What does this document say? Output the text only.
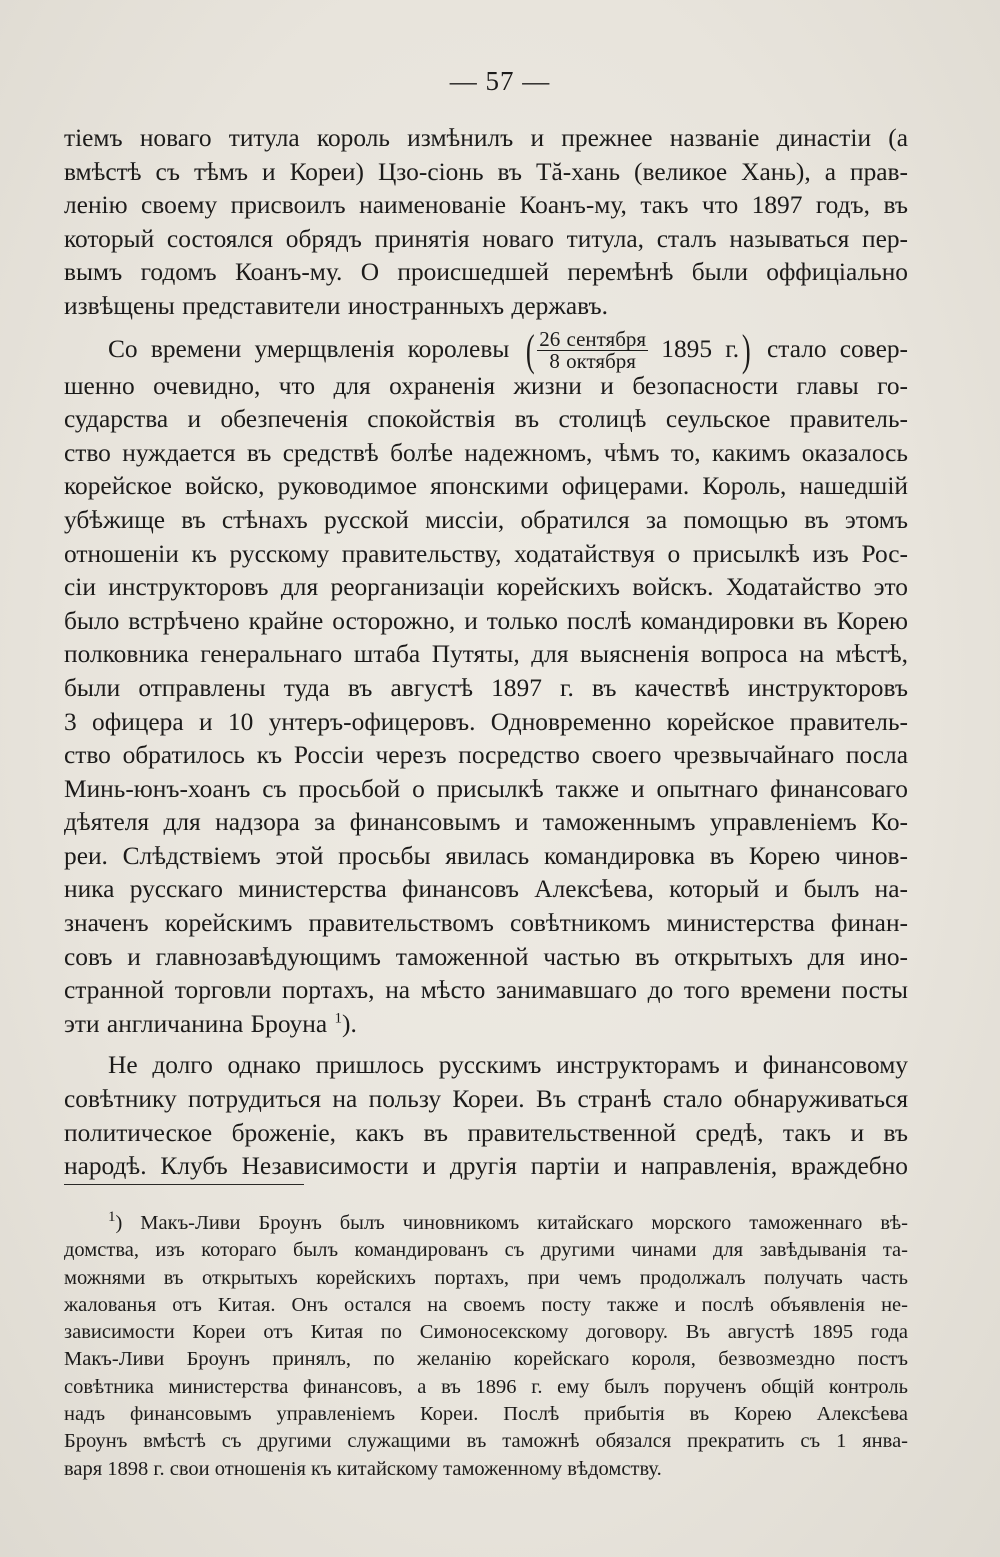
— 57 —
тіемъ новаго титула король измѣнилъ и прежнее названіе династіи (а
вмѣстѣ съ тѣмъ и Кореи) Цзо-сіонь въ Тă-хань (великое Хань), а прав-
ленію своему присвоилъ наименованіе Коанъ-му, такъ что 1897 годъ, въ
который состоялся обрядъ принятія новаго титула, сталъ называться пер-
вымъ годомъ Коанъ-му. О происшедшей перемѣнѣ были оффиціально
извѣщены представители иностранныхъ державъ.
Со времени умерщвленія королевы ( $\frac{\text{26 сентября}}{\text{8 октября}} 1895$ г.) стало совер-
шенно очевидно, что для охраненія жизни и безопасности главы го-
сударства и обезпеченія спокойствія въ столицѣ сеульское правитель-
ство нуждается въ средствѣ болѣе надежномъ, чѣмъ то, какимъ оказалось
корейское войско, руководимое японскими офицерами. Король, нашедшій
убѣжище въ стѣнахъ русской миссіи, обратился за помощью въ этомъ
отношеніи къ русскому правительству, ходатайствуя о присылкѣ изъ Рос-
сіи инструкторовъ для реорганизаціи корейскихъ войскъ. Ходатайство это
было встрѣчено крайне осторожно, и только послѣ командировки въ Корею
полковника генеральнаго штаба Путяты, для выясненія вопроса на мѣстѣ,
были отправлены туда въ августѣ 1897 г. въ качествѣ инструкторовъ
3 офицера и 10 унтеръ-офицеровъ. Одновременно корейское правитель-
ство обратилось къ Россіи черезъ посредство своего чрезвычайнаго посла
Минь-юнъ-хоанъ съ просьбой о присылкѣ также и опытнаго финансоваго
дѣятеля для надзора за финансовымъ и таможеннымъ управленіемъ Ко-
реи. Слѣдствіемъ этой просьбы явилась командировка въ Корею чинов-
ника русскаго министерства финансовъ Алексѣева, который и былъ на-
значенъ корейскимъ правительствомъ совѣтникомъ министерства финан-
совъ и главнозавѣдующимъ таможенной частью въ открытыхъ для ино-
странной торговли портахъ, на мѣсто занимавшаго до того времени посты
эти англичанина Броуна $^1$).
Не долго однако пришлось русскимъ инструкторамъ и финансовому
совѣтнику потрудиться на пользу Кореи. Въ странѣ стало обнаруживаться
политическое броженіе, какъ въ правительственной средѣ, такъ и въ
народѣ. Клубъ Независимости и другія партіи и направленія, враждебно
$^1$) Макъ-Ливи Броунъ былъ чиновникомъ китайскаго морского таможеннаго вѣ-
домства, изъ котораго былъ командированъ съ другими чинами для завѣдыванія та-
можнями въ открытыхъ корейскихъ портахъ, при чемъ продолжалъ получать часть
жалованья отъ Китая. Онъ остался на своемъ посту также и послѣ объявленія не-
зависимости Кореи отъ Китая по Симоносекскому договору. Въ августѣ 1895 года
Макъ-Ливи Броунъ принялъ, по желанію корейскаго короля, безвозмездно постъ
совѣтника министерства финансовъ, а въ 1896 г. ему былъ порученъ общій контроль
надъ финансовымъ управленіемъ Кореи. Послѣ прибытія въ Корею Алексѣева
Броунъ вмѣстѣ съ другими служащими въ таможнѣ обязался прекратить съ 1 янва-
варя 1898 г. свои отношенія къ китайскому таможенному вѣдомству.
